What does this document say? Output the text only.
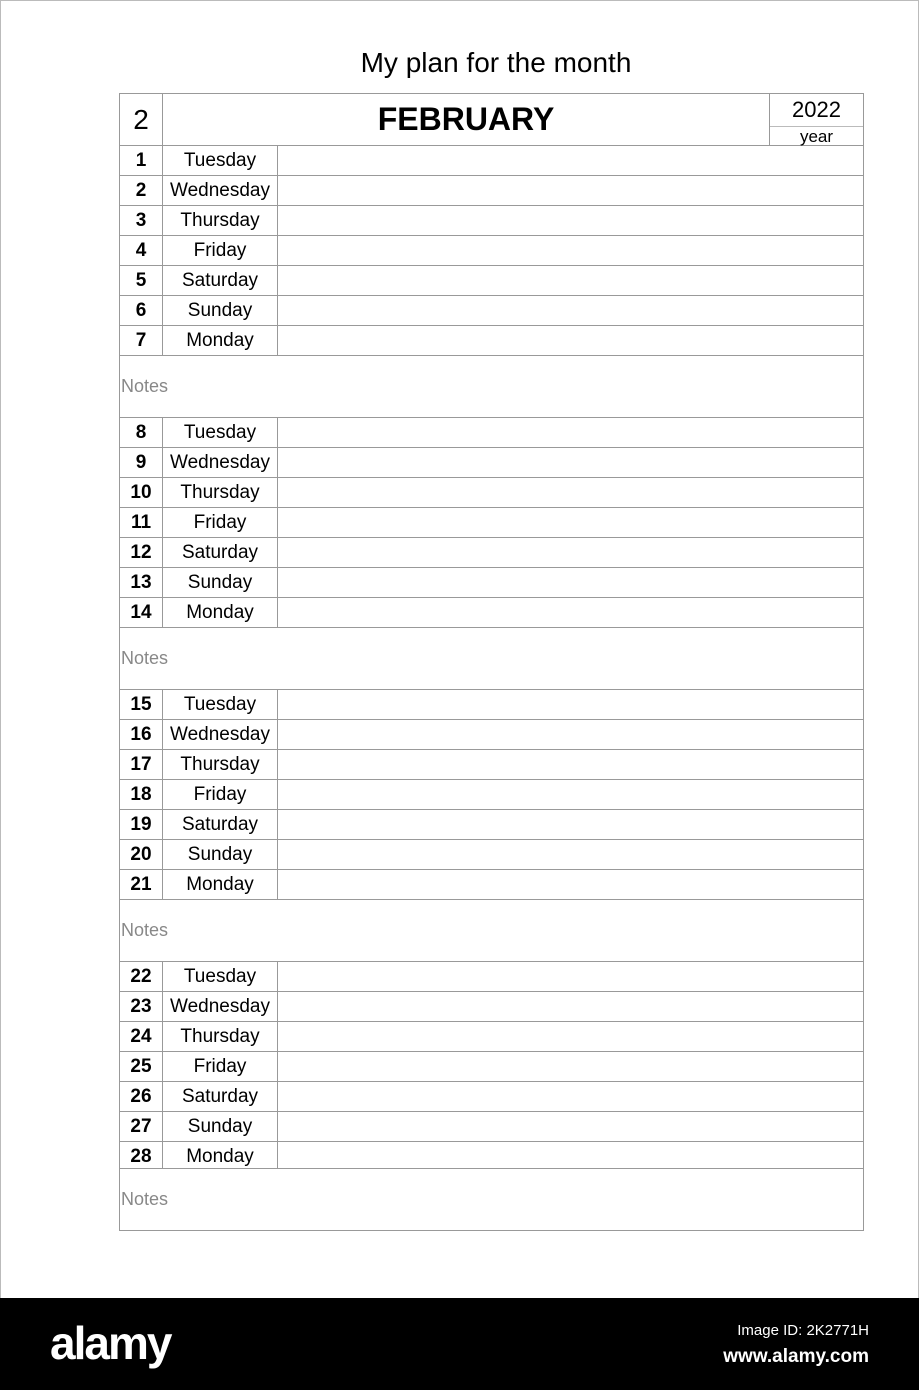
My plan for the month
2	FEBRUARY	2022
year
1	Tuesday
2	Wednesday
3	Thursday
4	Friday
5	Saturday
6	Sunday
7	Monday
Notes
8	Tuesday
9	Wednesday
10	Thursday
11	Friday
12	Saturday
13	Sunday
14	Monday
Notes
15	Tuesday
16 Wednesday
17	Thursday
18	Friday
19	Saturday
20	Sunday
21	Monday
Notes
22	Tuesday
23 Wednesday
24	Thursday
25	Friday
26	Saturday
27	Sunday
28	Monday
Notes
alamy	Image ID: 2K2771H
www.alamy.com
